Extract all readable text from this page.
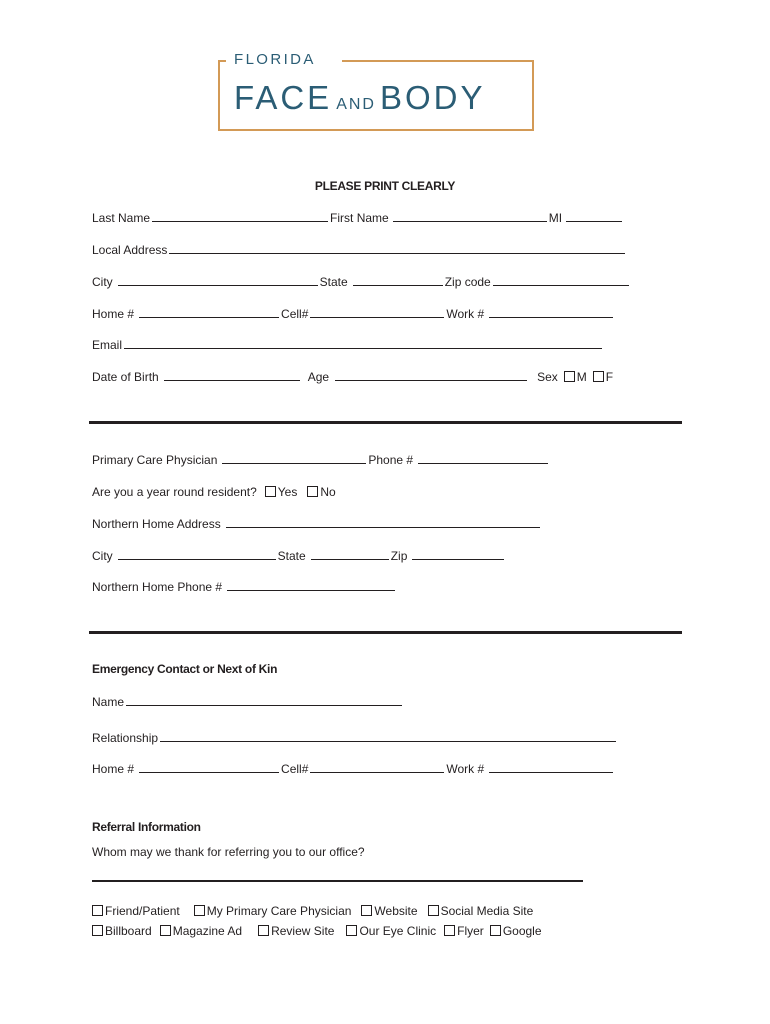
FLORIDA
FACE AND BODY
PLEASE PRINT CLEARLY
Last Name	First Name	MI
Local Address
City	State	Zip code
Home #	Cell#	Work #
Email
Date of Birth	Age	Sex M F
Primary Care Physician	Phone #
Are you a year round resident? Yes No
Northern Home Address
City	State	Zip
Northern Home Phone #
Emergency Contact or Next of Kin
Name
Relationship
Home #	Cell#	Work #
Referral Information
Whom may we thank for referring you to our office?
Friend/Patient My Primary Care Physician Website Social Media Site
Billboard Magazine Ad Review Site Our Eye Clinic Flyer Google
